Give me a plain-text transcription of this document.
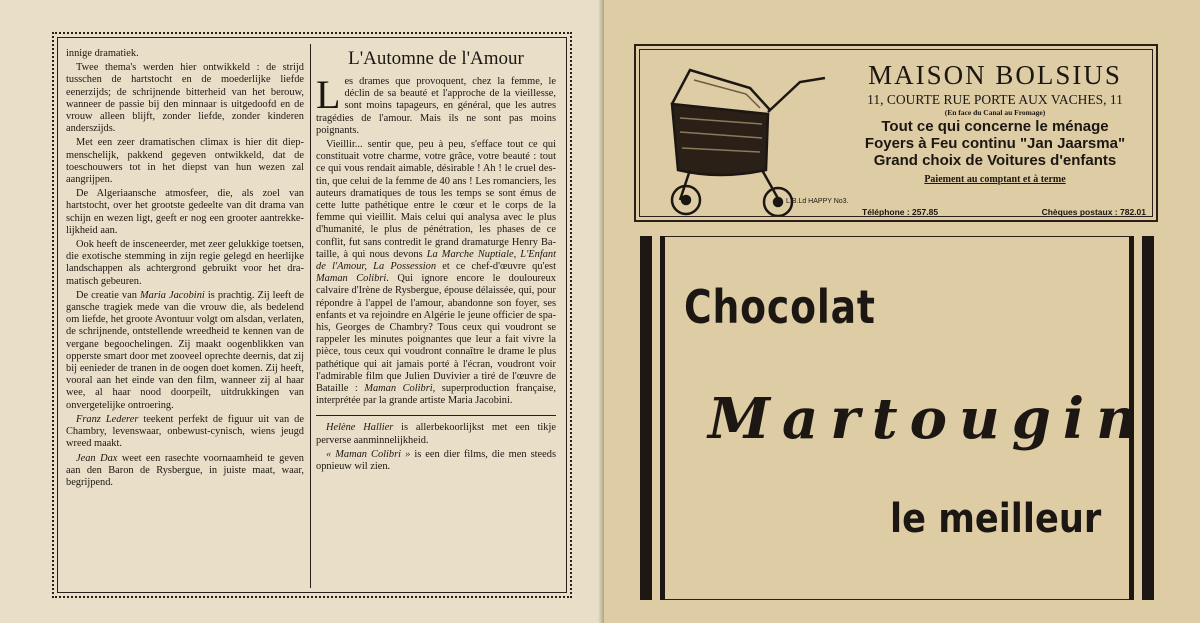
innige dramatiek.

Twee thema's werden hier ontwikkeld : de strijd tusschen de hartstocht en de moederlijke liefde eenerzijds; de schrijnende bitterheid van het berouw, wanneer de passie bij den minnaar is uitgedoofd en de vrouw alleen blijft, zonder liefde, zonder kinderen anderszijds.

Met een zeer dramatischen climax is hier dit diep-menschelijk, pakkend gegeven ontwikkeld, dat de toeschouwers tot in het diepst van hun wezen zal aangrijpen.

De Algeriaansche atmosfeer, die, als zoel van hartstocht, over het grootste gedeelte van dit drama van schijn en wezen ligt, geeft er nog een grooter aantrekkelijkheid aan.

Ook heeft de insceneerder, met zeer gelukkige toetsen, die exotische stemming in zijn regie gelegd en heerlijke landschappen als achtergrond gebruikt voor het dramatisch gebeuren.

De creatie van Maria Jacobini is prachtig. Zij leeft de gansche tragiek mede van die vrouw die, als bedelend om liefde, het groote Avontuur volgt om alsdan, verlaten, de schrijnende, ontstellende wreedheid te kennen van de vergane begoochelingen. Zij maakt oogenblikken van opperste smart door met zooveel oprechte deernis, dat zij bij eenieder de tranen in de oogen doet komen. Zij heeft, vooral aan het einde van den film, wanneer zij al haar wee, al haar nood doorpeilt, uitdrukkingen van onvergetelijke ontroering.

Franz Lederer teekent perfekt de figuur uit van de Chambry, levenswaar, onbewust-cynisch, wiens jeugd wreed maakt.

Jean Dax weet een rasechte voornaamheid te geven aan den Baron de Rysbergue, in juiste maat, waar, begrijpend.

L'Automne de l'Amour

Les drames que provoquent, chez la femme, le déclin de sa beauté et l'approche de la vieillesse, sont moins tapageurs, en général, que les autres tragédies de l'amour. Mais ils ne sont pas moins poignants.

Vieillir... sentir que, peu à peu, s'efface tout ce qui constituait votre charme, votre grâce, votre beauté : tout ce qui vous rendait aimable, désirable ! Ah ! le cruel destin, que celui de la femme de 40 ans ! Les romanciers, les auteurs dramatiques de tous les temps se sont émus de cette lutte pathétique entre le cœur et le corps de la femme qui vieillit. Mais celui qui analysa avec le plus d'humanité, le plus de pénétration, les phases de ce conflit, fut sans contredit le grand dramaturge Henry Bataille, à qui nous devons La Marche Nuptiale, L'Enfant de l'Amour, La Possession et ce chef-d'œuvre qu'est Maman Colibri. Qui ignore encore le douloureux calvaire d'Irène de Rysbergue, épouse délaissée, qui, pour répondre à l'appel de l'amour, abandonne son foyer, ses enfants et va rejoindre en Algérie le jeune officier de spahis, Georges de Chambry? Tous ceux qui voudront se rappeler les minutes poignantes que leur a fait vivre la pièce, tous ceux qui voudront connaître le drame le plus pathétique qui ait jamais porté à l'écran, voudront voir l'admirable film que Julien Duvivier a tiré de l'œuvre de Bataille : Maman Colibri, superproduction française, interprétée par la grande artiste Maria Jacobini.

Helène Hallier is allerbekoorlijkst met een tikje perverse aanminnelijkheid.

« Maman Colibri » is een dier films, die men steeds opnieuw wil zien.

L.B.Ld HAPPY No3.
MAISON BOLSIUS
11, COURTE RUE PORTE AUX VACHES, 11
(En face du Canal au Fromage)
Tout ce qui concerne le ménage
Foyers à Feu continu "Jan Jaarsma"
Grand choix de Voitures d'enfants
Paiement au comptant et à terme
Téléphone : 257.85	Chèques postaux : 782.01
Chocolat
Martougin
le meilleur
